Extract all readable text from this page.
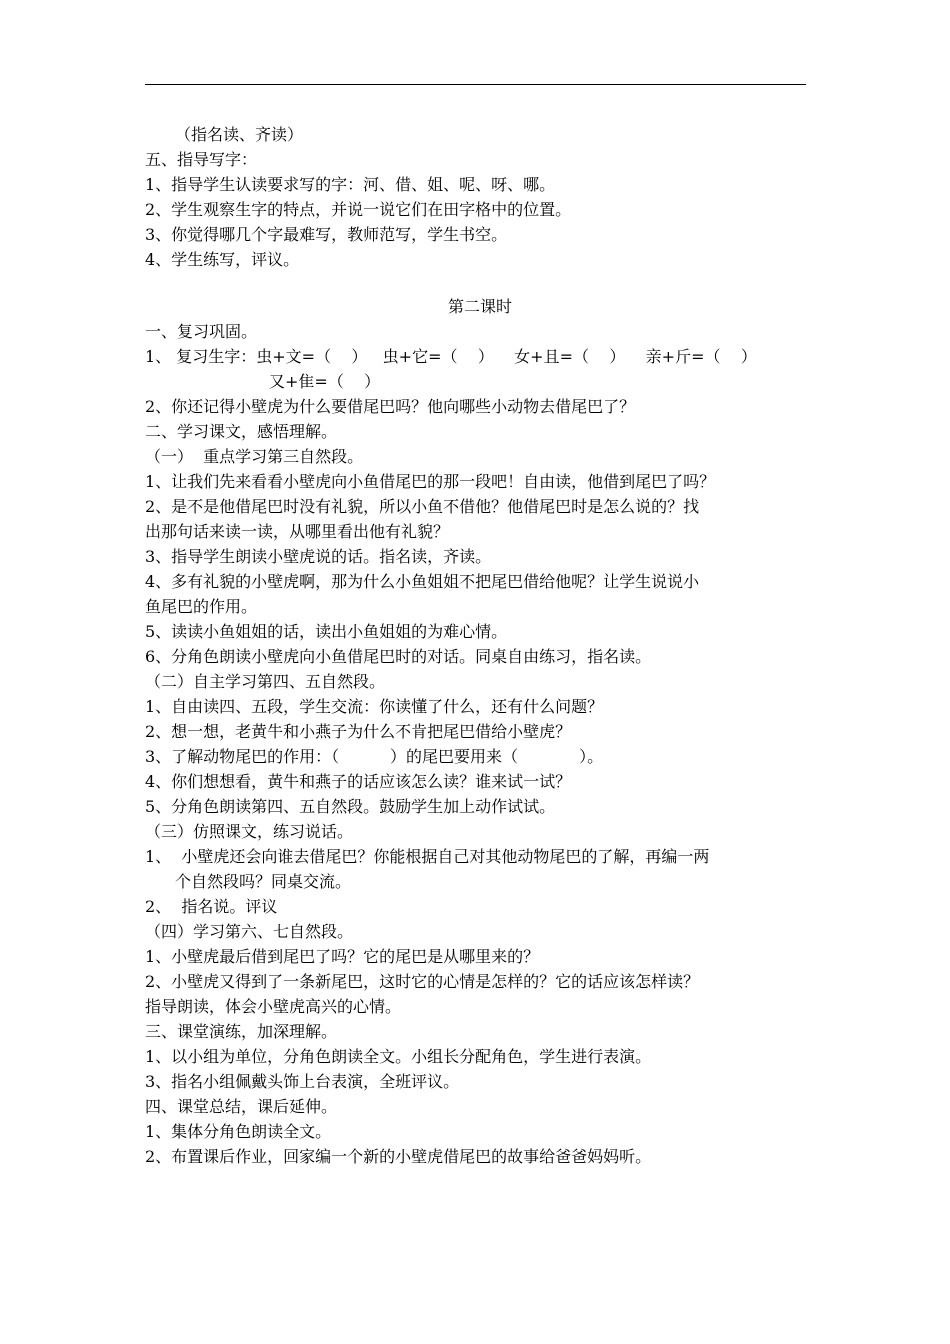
（指名读、齐读）
五、指导写字：
1、指导学生认读要求写的字：河、借、姐、呢、呀、哪。
2、学生观察生字的特点，并说一说它们在田字格中的位置。
3、你觉得哪几个字最难写，教师范写，学生书空。
4、学生练写，评议。
第二课时
一、复习巩固。
1、 复习生字：虫+文=（    ）   虫+它=（    ）    女+且=（    ）    亲+斤=（    ）
又+隹=（    ）
2、你还记得小壁虎为什么要借尾巴吗？他向哪些小动物去借尾巴了？
二、学习课文，感悟理解。
（一）  重点学习第三自然段。
1、让我们先来看看小壁虎向小鱼借尾巴的那一段吧！自由读，他借到尾巴了吗？
2、是不是他借尾巴时没有礼貌，所以小鱼不借他？他借尾巴时是怎么说的？找
出那句话来读一读，从哪里看出他有礼貌？
3、指导学生朗读小壁虎说的话。指名读，齐读。
4、多有礼貌的小壁虎啊，那为什么小鱼姐姐不把尾巴借给他呢？让学生说说小
鱼尾巴的作用。
5、读读小鱼姐姐的话，读出小鱼姐姐的为难心情。
6、分角色朗读小壁虎向小鱼借尾巴时的对话。同桌自由练习，指名读。
（二）自主学习第四、五自然段。
1、自由读四、五段，学生交流：你读懂了什么，还有什么问题？
2、想一想，老黄牛和小燕子为什么不肯把尾巴借给小壁虎？
3、了解动物尾巴的作用：（          ）的尾巴要用来（            ）。
4、你们想想看，黄牛和燕子的话应该怎么读？谁来试一试？
5、分角色朗读第四、五自然段。鼓励学生加上动作试试。
（三）仿照课文，练习说话。
1、  小壁虎还会向谁去借尾巴？你能根据自己对其他动物尾巴的了解，再编一两
个自然段吗？同桌交流。
2、  指名说。评议
（四）学习第六、七自然段。
1、小壁虎最后借到尾巴了吗？它的尾巴是从哪里来的？
2、小壁虎又得到了一条新尾巴，这时它的心情是怎样的？它的话应该怎样读？
指导朗读，体会小壁虎高兴的心情。
三、课堂演练，加深理解。
1、以小组为单位，分角色朗读全文。小组长分配角色，学生进行表演。
3、指名小组佩戴头饰上台表演，全班评议。
四、课堂总结，课后延伸。
1、集体分角色朗读全文。
2、布置课后作业，回家编一个新的小壁虎借尾巴的故事给爸爸妈妈听。
